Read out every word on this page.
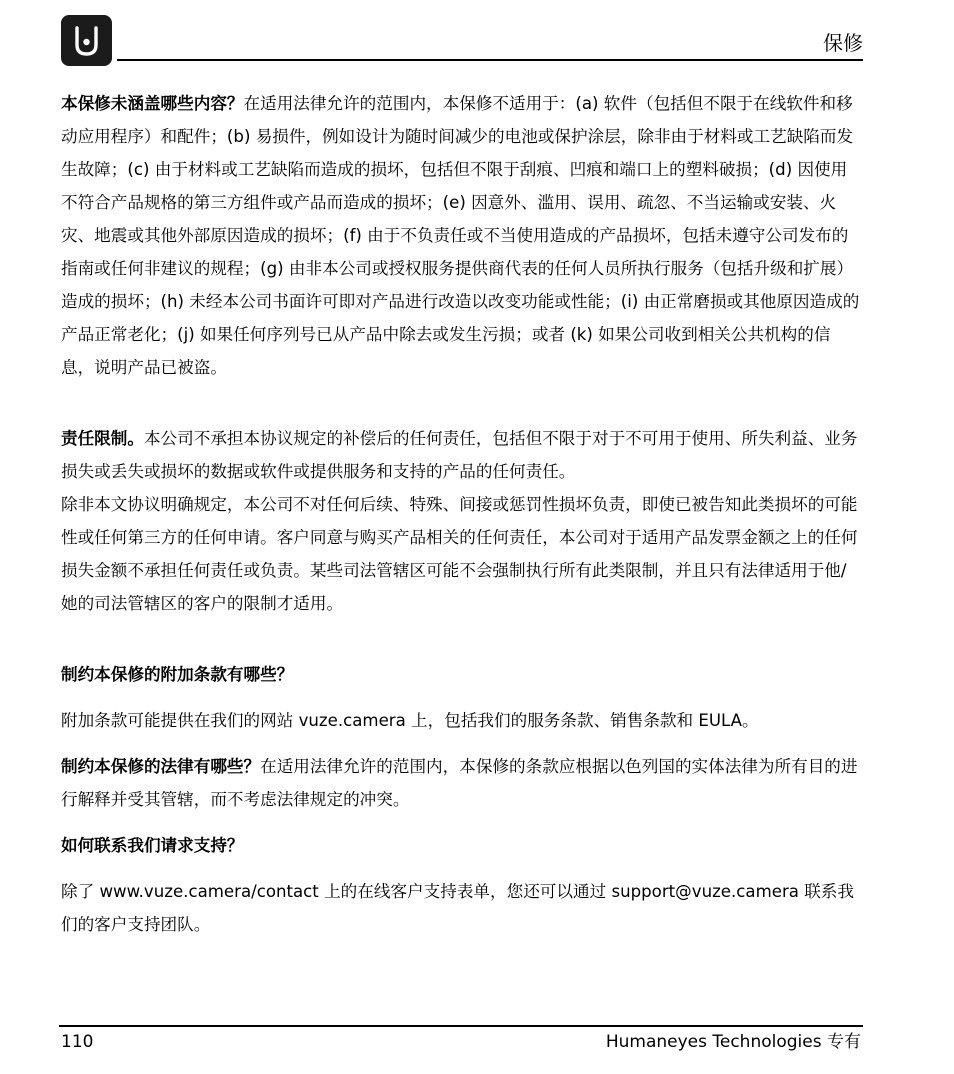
保修

本保修未涵盖哪些内容？在适用法律允许的范围内，本保修不适用于：(a) 软件（包括但不限于在线软件和移动应用程序）和配件；(b) 易损件，例如设计为随时间减少的电池或保护涂层，除非由于材料或工艺缺陷而发生故障；(c) 由于材料或工艺缺陷而造成的损坏，包括但不限于刮痕、凹痕和端口上的塑料破损；(d) 因使用不符合产品规格的第三方组件或产品而造成的损坏；(e) 因意外、滥用、误用、疏忽、不当运输或安装、火灾、地震或其他外部原因造成的损坏；(f) 由于不负责任或不当使用造成的产品损坏，包括未遵守公司发布的指南或任何非建议的规程；(g) 由非本公司或授权服务提供商代表的任何人员所执行服务（包括升级和扩展）造成的损坏；(h) 未经本公司书面许可即对产品进行改造以改变功能或性能；(i) 由正常磨损或其他原因造成的产品正常老化；(j) 如果任何序列号已从产品中除去或发生污损；或者 (k) 如果公司收到相关公共机构的信息，说明产品已被盗。

责任限制。本公司不承担本协议规定的补偿后的任何责任，包括但不限于对于不可用于使用、所失利益、业务损失或丢失或损坏的数据或软件或提供服务和支持的产品的任何责任。

除非本文协议明确规定，本公司不对任何后续、特殊、间接或惩罚性损坏负责，即使已被告知此类损坏的可能性或任何第三方的任何申请。客户同意与购买产品相关的任何责任，本公司对于适用产品发票金额之上的任何损失金额不承担任何责任或负责。某些司法管辖区可能不会强制执行所有此类限制，并且只有法律适用于他/她的司法管辖区的客户的限制才适用。

制约本保修的附加条款有哪些？

附加条款可能提供在我们的网站 vuze.camera 上，包括我们的服务条款、销售条款和 EULA。

制约本保修的法律有哪些？在适用法律允许的范围内，本保修的条款应根据以色列国的实体法律为所有目的进行解释并受其管辖，而不考虑法律规定的冲突。

如何联系我们请求支持？

除了 www.vuze.camera/contact 上的在线客户支持表单，您还可以通过 support@vuze.camera 联系我们的客户支持团队。

110	Humaneyes Technologies 专有
